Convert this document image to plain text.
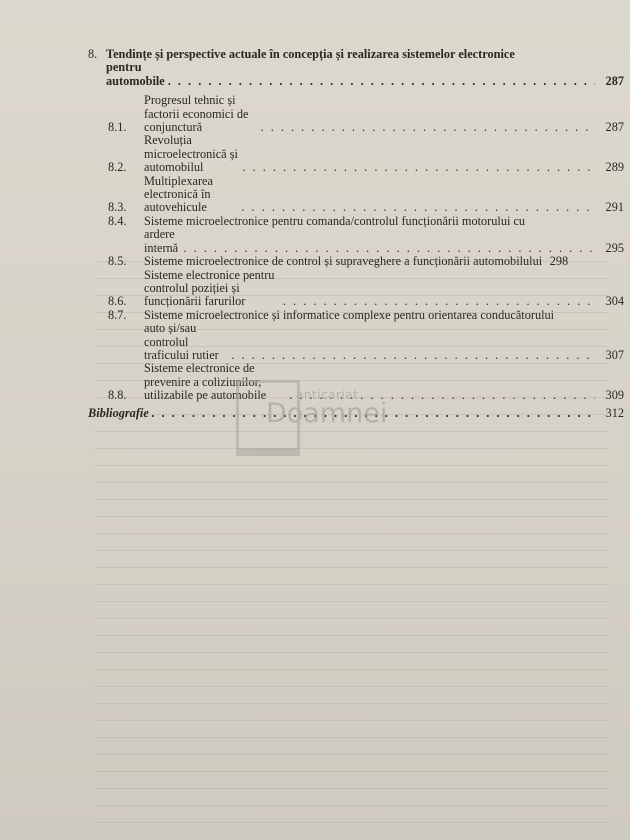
8. Tendințe și perspective actuale în concepția și realizarea sistemelor electronice
pentru automobile . . .	287
8.1.
Progresul tehnic și factorii economici de conjunctură . . .	287
8.2.
Revoluția microelectronică și automobilul . . .	289
8.3.
Multiplexarea electronică în autovehicule . . .	291
8.4.	Sisteme microelectronice pentru comanda/controlul funcționării motorului cu
ardere internă . . .	295
8.5.	Sisteme microelectronice de control și supraveghere a funcționării automobilului 298
8.6.
Sisteme electronice pentru controlul poziției și funcționării farurilor . . .	304
8.7.	Sisteme microelectronice și informatice complexe pentru orientarea conducătorului
auto și/sau controlul traficului rutier . . .	307
8.8.
Sisteme electronice de prevenire a coliziunilor, utilizabile pe automobile . . .	309
Bibliografie . . .	312
anticariat
Doamnei
